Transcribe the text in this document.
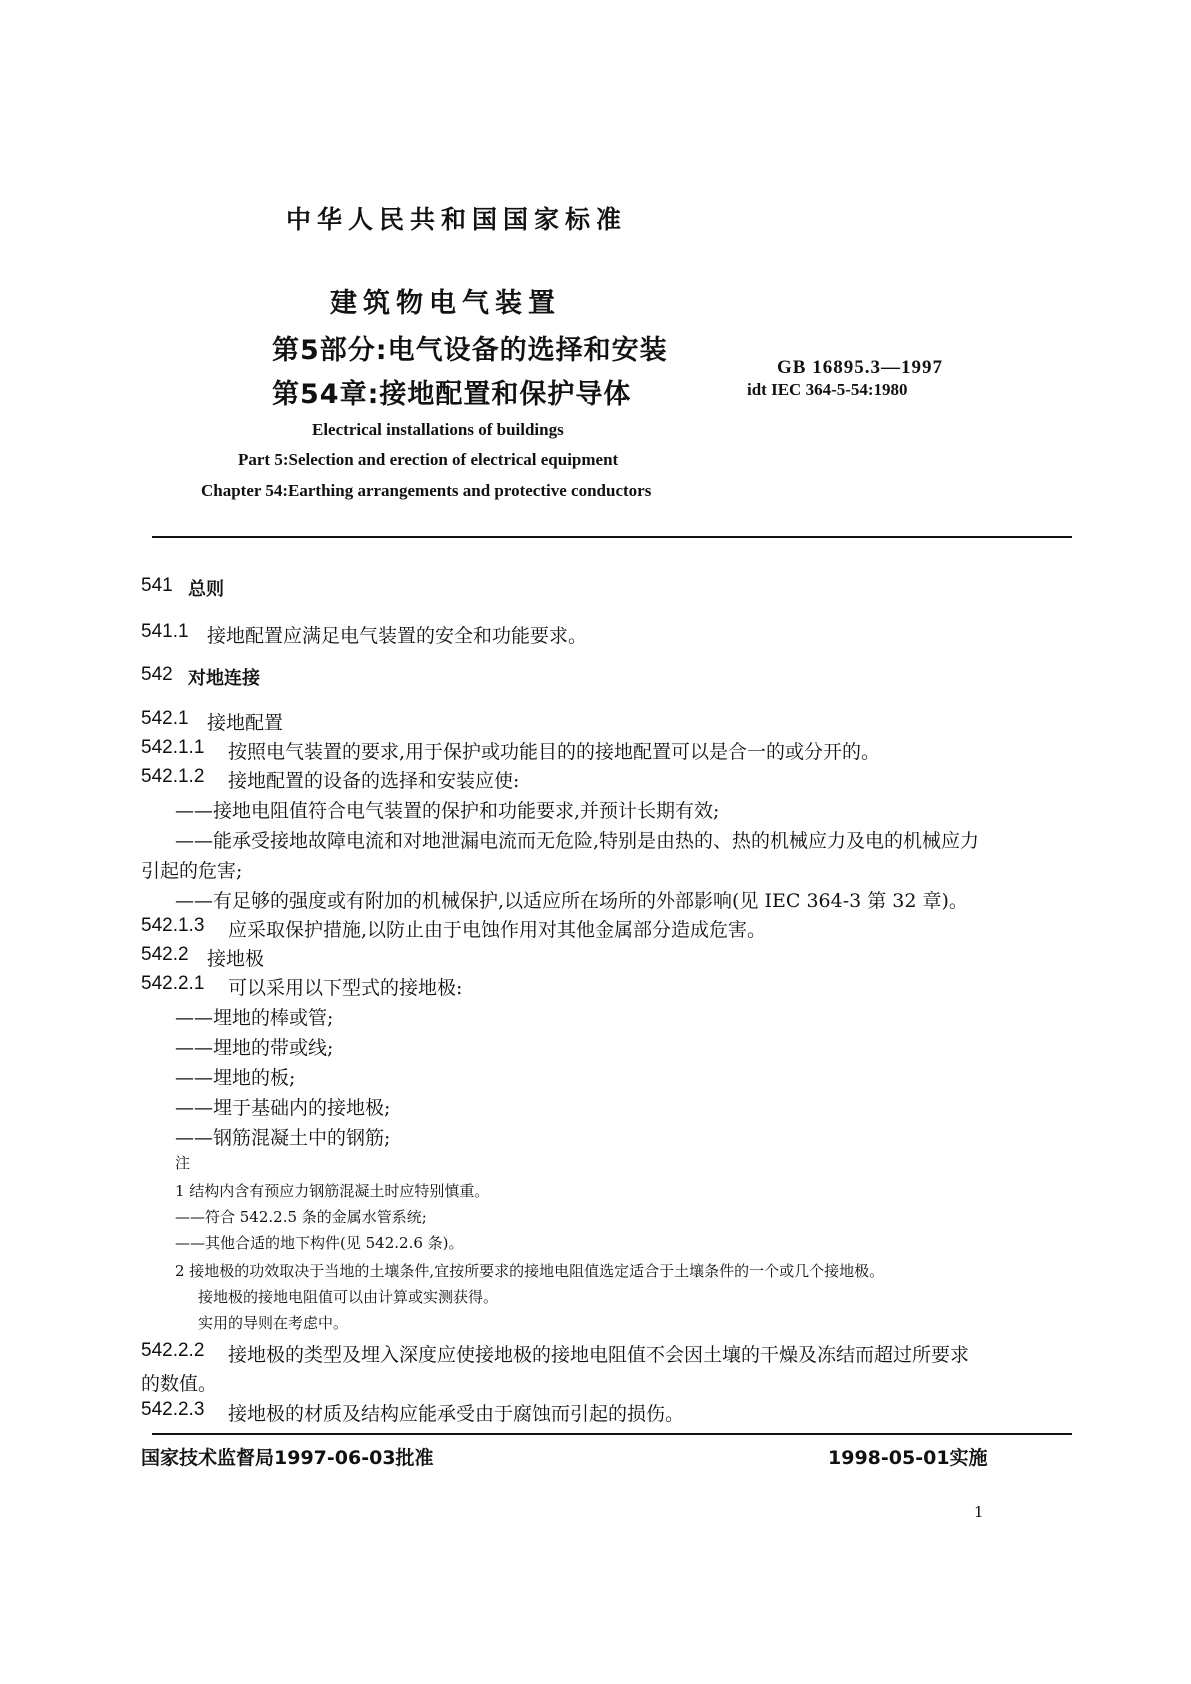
中华人民共和国国家标准
建筑物电气装置
第5部分:电气设备的选择和安装
第54章:接地配置和保护导体
GB 16895.3—1997
idt IEC 364-5-54:1980
Electrical installations of buildings
Part 5:Selection and erection of electrical equipment
Chapter 54:Earthing arrangements and protective conductors
541 总则
541.1 接地配置应满足电气装置的安全和功能要求。
542 对地连接
542.1 接地配置
542.1.1 按照电气装置的要求,用于保护或功能目的的接地配置可以是合一的或分开的。
542.1.2 接地配置的设备的选择和安装应使:
——接地电阻值符合电气装置的保护和功能要求,并预计长期有效;
——能承受接地故障电流和对地泄漏电流而无危险,特别是由热的、热的机械应力及电的机械应力
引起的危害;
——有足够的强度或有附加的机械保护,以适应所在场所的外部影响(见 IEC 364-3 第 32 章)。
542.1.3 应采取保护措施,以防止由于电蚀作用对其他金属部分造成危害。
542.2 接地极
542.2.1 可以采用以下型式的接地极:
——埋地的棒或管;
——埋地的带或线;
——埋地的板;
——埋于基础内的接地极;
——钢筋混凝土中的钢筋;
注
1 结构内含有预应力钢筋混凝土时应特别慎重。
——符合 542.2.5 条的金属水管系统;
——其他合适的地下构件(见 542.2.6 条)。
2 接地极的功效取决于当地的土壤条件,宜按所要求的接地电阻值选定适合于土壤条件的一个或几个接地极。
接地极的接地电阻值可以由计算或实测获得。
实用的导则在考虑中。
542.2.2 接地极的类型及埋入深度应使接地极的接地电阻值不会因土壤的干燥及冻结而超过所要求
的数值。
542.2.3 接地极的材质及结构应能承受由于腐蚀而引起的损伤。
国家技术监督局1997-06-03批准	1998-05-01实施
1
